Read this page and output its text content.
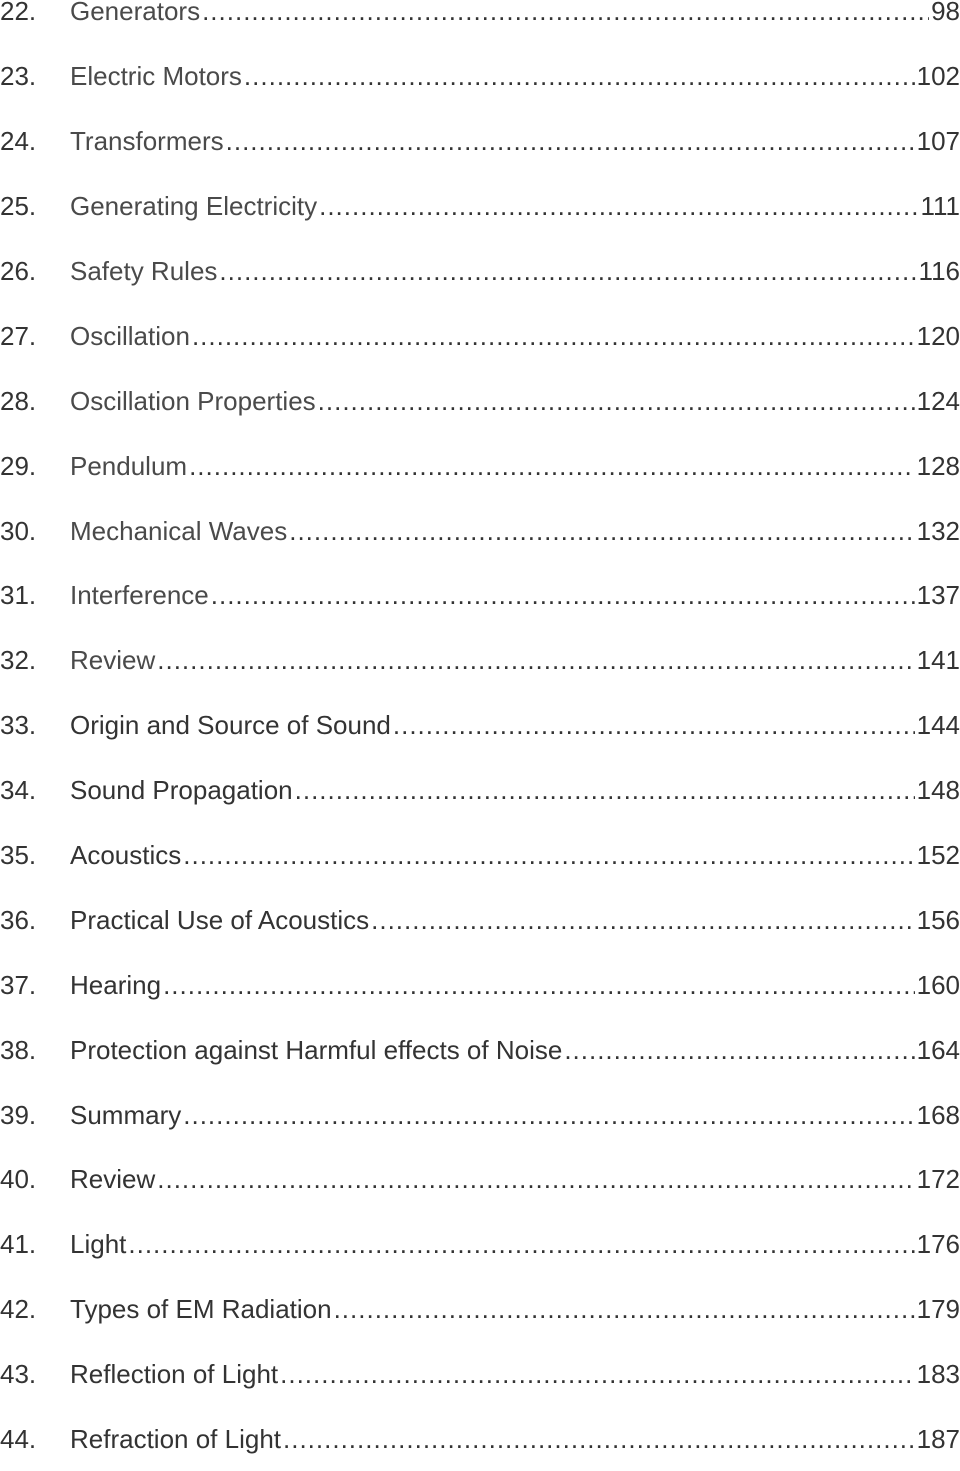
22.	Generators .....	98
23.	Electric Motors .....	102
24.	Transformers .....	107
25.	Generating Electricity .....	111
26.	Safety Rules .....	116
27.	Oscillation .....	120
28.	Oscillation Properties .....	124
29.	Pendulum .....	128
30.	Mechanical Waves .....	132
31.	Interference .....	137
32.	Review .....	141
33.	Origin and Source of Sound .....	144
34.	Sound Propagation .....	148
35.	Acoustics .....	152
36.	Practical Use of Acoustics .....	156
37.	Hearing .....	160
38.	Protection against Harmful effects of Noise .....	164
39.	Summary .....	168
40.	Review .....	172
41.	Light .....	176
42.	Types of EM Radiation .....	179
43.	Reflection of Light .....	183
44.	Refraction of Light .....	187
